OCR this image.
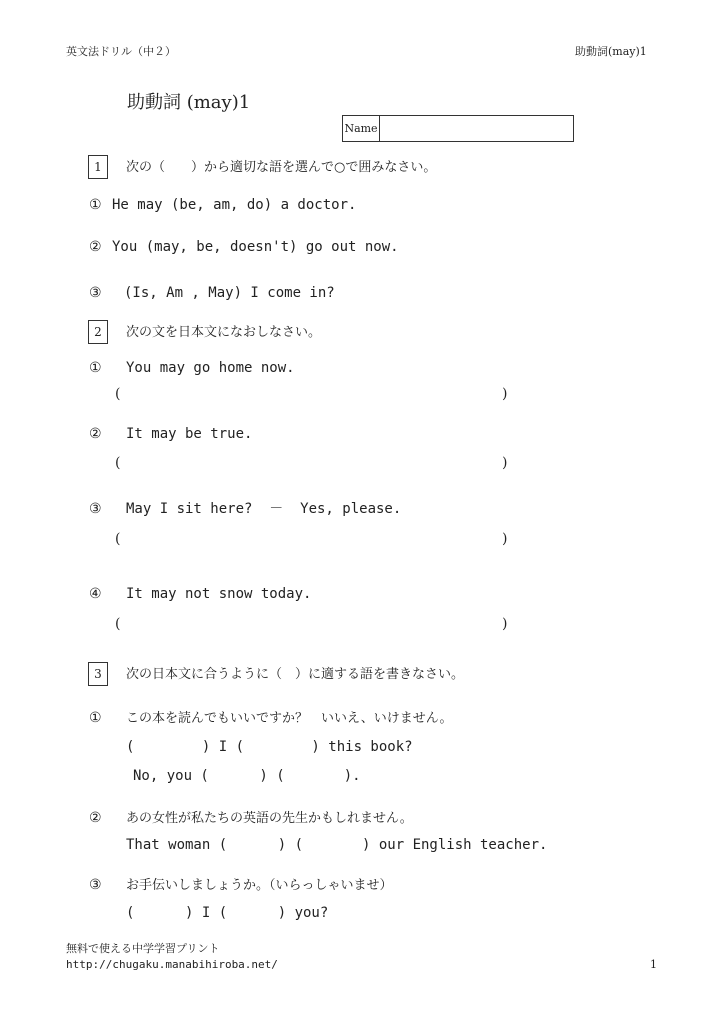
英文法ドリル（中２）	助動詞(may)1
助動詞 (may)1
Name
1	次の（　　）から適切な語を選んで○で囲みなさい。
① He may (be, am, do) a doctor.
② You (may, be, doesn't) go out now.
③ (Is, Am , May) I come in?
2	次の文を日本文になおしなさい。
① You may go home now.
(	)
② It may be true.
(	)
③ May I sit here?  －  Yes, please.
(	)
④ It may not snow today.
(	)
3	次の日本文に合うように（　）に適する語を書きなさい。
① この本を読んでもいいですか？　いいえ、いけません。
(        ) I (        ) this book?
No, you (      ) (       ).
② あの女性が私たちの英語の先生かもしれません。
That woman (      ) (       ) our English teacher.
③ お手伝いしましょうか。（いらっしゃいませ）
(      ) I (      ) you?
無料で使える中学学習プリント
http://chugaku.manabihiroba.net/	1
